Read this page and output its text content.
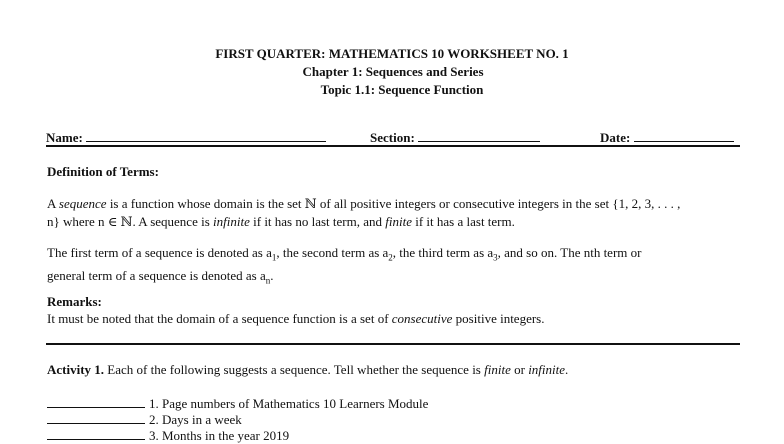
FIRST QUARTER: MATHEMATICS 10 WORKSHEET NO. 1
Chapter 1: Sequences and Series
Topic 1.1: Sequence Function
Name:	Section:	Date:
Definition of Terms:
A sequence is a function whose domain is the set ℕ of all positive integers or consecutive integers in the set {1, 2, 3, . . . ,
n} where n ∈ ℕ. A sequence is infinite if it has no last term, and finite if it has a last term.
The first term of a sequence is denoted as $a_1$, the second term as $a_2$, the third term as $a_3$, and so on. The nth term or
general term of a sequence is denoted as $a_n$.
Remarks:
It must be noted that the domain of a sequence function is a set of consecutive positive integers.
Activity 1. Each of the following suggests a sequence. Tell whether the sequence is finite or infinite.
1. Page numbers of Mathematics 10 Learners Module
2. Days in a week
3. Months in the year 2019
